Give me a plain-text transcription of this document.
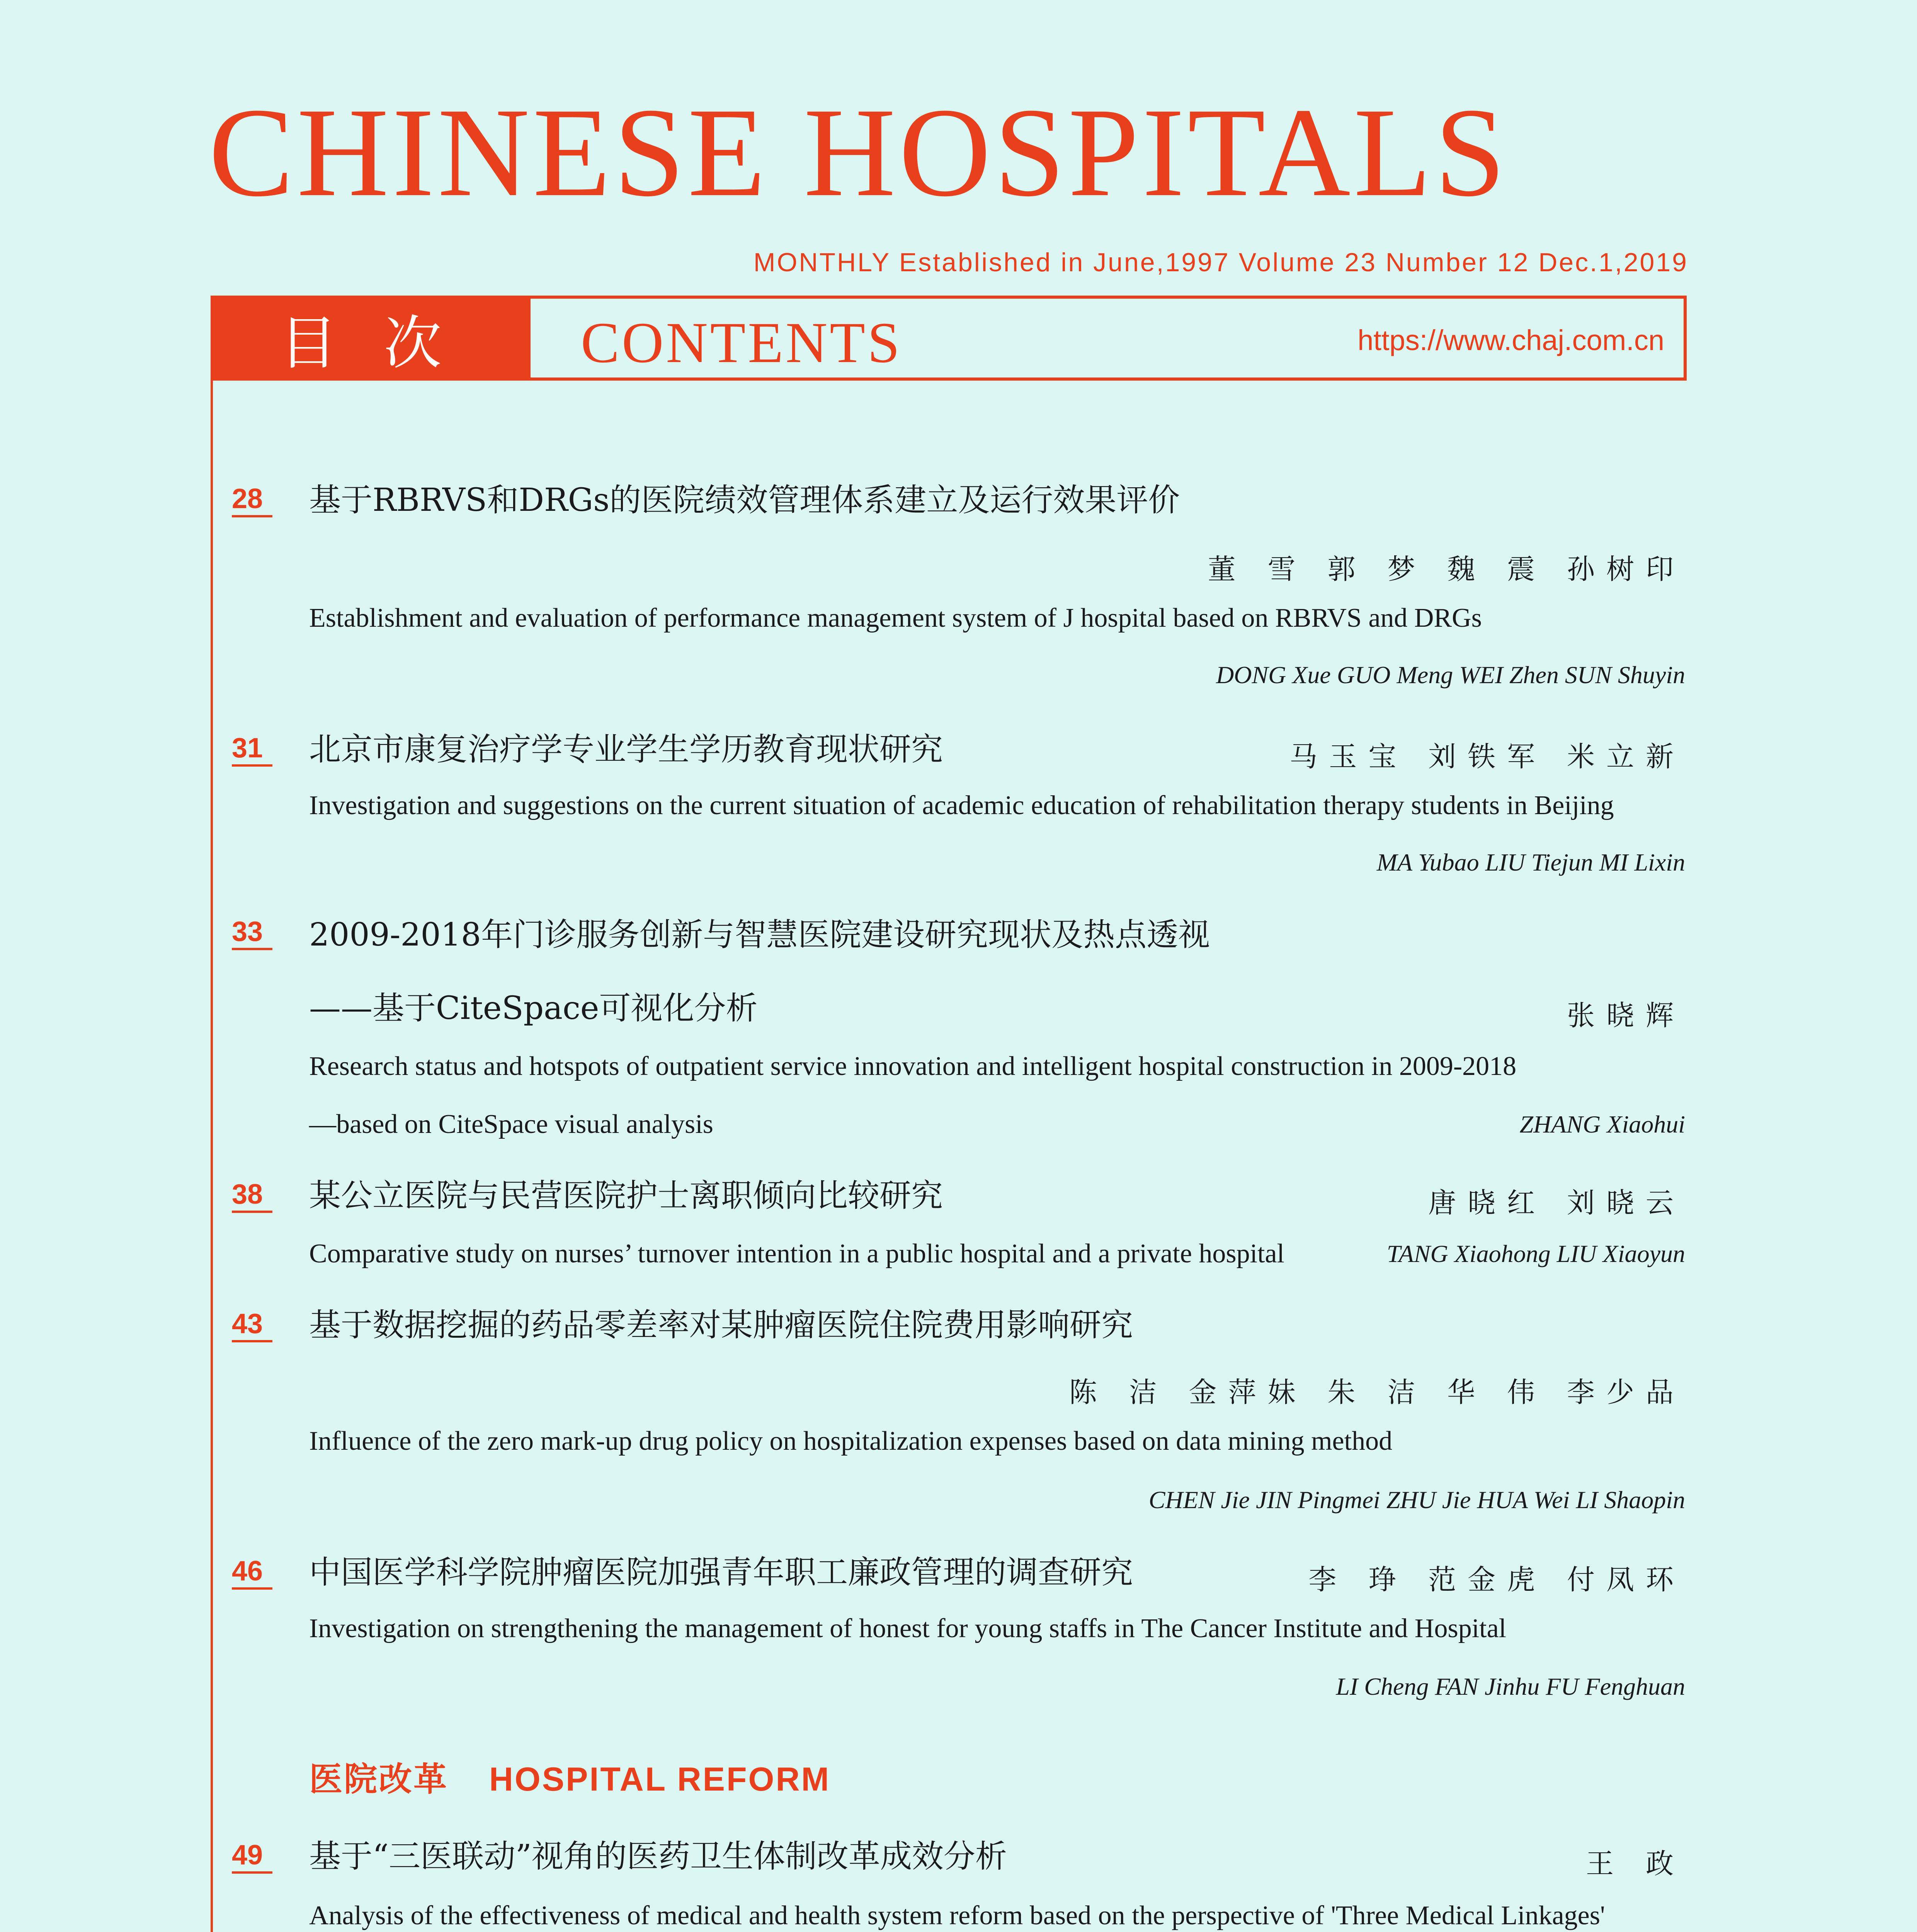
CHINESE HOSPITALS
MONTHLY Established in June,1997 Volume 23 Number 12 Dec.1,2019
目次	CONTENTS	https://www.chaj.com.cn
28	基于RBRVS和DRGs的医院绩效管理体系建立及运行效果评价
董 雪 郭 梦 魏 震 孙树印
Establishment and evaluation of performance management system of J hospital based on RBRVS and DRGs
DONG Xue GUO Meng WEI Zhen SUN Shuyin
31	北京市康复治疗学专业学生学历教育现状研究	马玉宝 刘铁军 米立新
Investigation and suggestions on the current situation of academic education of rehabilitation therapy students in Beijing
MA Yubao LIU Tiejun MI Lixin
33	2009-2018年门诊服务创新与智慧医院建设研究现状及热点透视
——基于CiteSpace可视化分析	张晓辉
Research status and hotspots of outpatient service innovation and intelligent hospital construction in 2009-2018
—based on CiteSpace visual analysis	ZHANG Xiaohui
38	某公立医院与民营医院护士离职倾向比较研究	唐晓红 刘晓云
Comparative study on nurses’ turnover intention in a public hospital and a private hospital	TANG Xiaohong LIU Xiaoyun
43	基于数据挖掘的药品零差率对某肿瘤医院住院费用影响研究
陈 洁 金萍妹 朱 洁 华 伟 李少品
Influence of the zero mark-up drug policy on hospitalization expenses based on data mining method
CHEN Jie JIN Pingmei ZHU Jie HUA Wei LI Shaopin
46	中国医学科学院肿瘤医院加强青年职工廉政管理的调查研究	李 琤 范金虎 付凤环
Investigation on strengthening the management of honest for young staffs in The Cancer Institute and Hospital
LI Cheng FAN Jinhu FU Fenghuan
医院改革 HOSPITAL REFORM
49	基于“三医联动”视角的医药卫生体制改革成效分析	王 政
Analysis of the effectiveness of medical and health system reform based on the perspective of 'Three Medical Linkages'
